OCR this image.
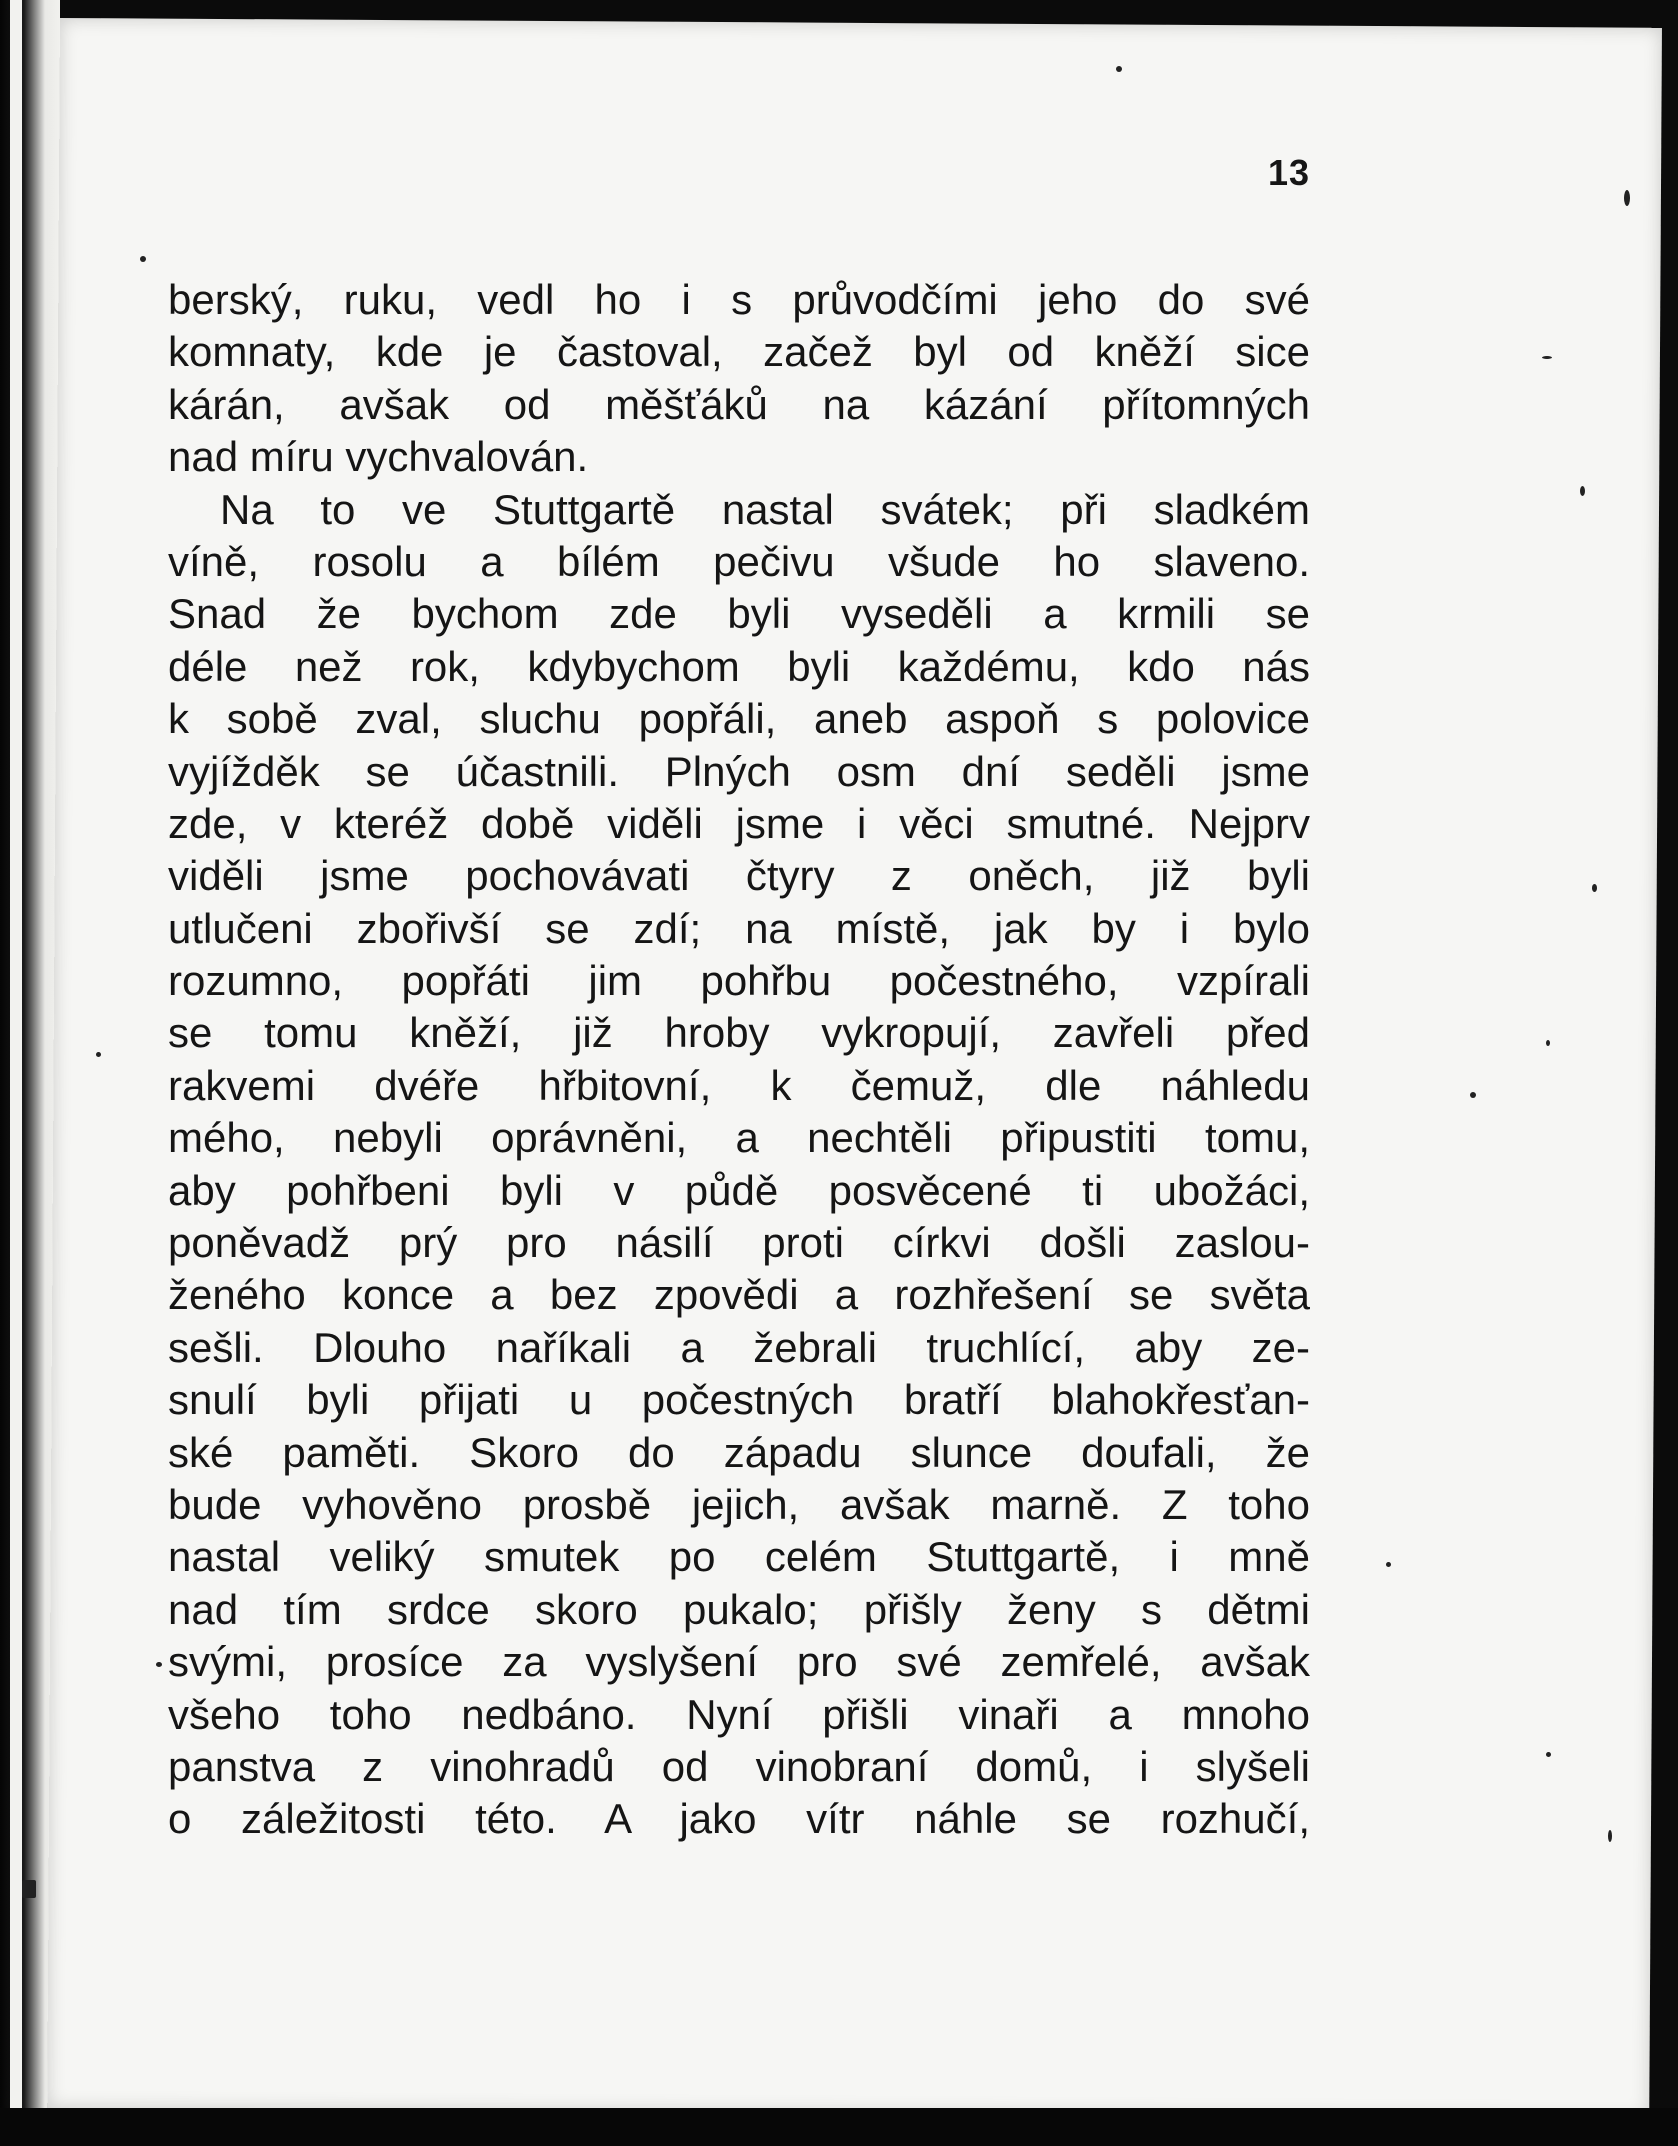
13
berský, ruku, vedl ho i s průvodčími jeho do své
komnaty, kde je častoval, začež byl od kněží sice
kárán, avšak od měšťáků na kázání přítomných
nad míru vychvalován.
Na to ve Stuttgartě nastal svátek; při sladkém
víně, rosolu a bílém pečivu všude ho slaveno.
Snad že bychom zde byli vyseděli a krmili se
déle než rok, kdybychom byli každému, kdo nás
k sobě zval, sluchu popřáli, aneb aspoň s polovice
vyjížděk se účastnili. Plných osm dní seděli jsme
zde, v kteréž době viděli jsme i věci smutné. Nejprv
viděli jsme pochovávati čtyry z oněch, již byli
utlučeni zbořivší se zdí; na místě, jak by i bylo
rozumno, popřáti jim pohřbu počestného, vzpírali
se tomu kněží, již hroby vykropují, zavřeli před
rakvemi dvéře hřbitovní, k čemuž, dle náhledu
mého, nebyli oprávněni, a nechtěli připustiti tomu,
aby pohřbeni byli v půdě posvěcené ti ubožáci,
poněvadž prý pro násilí proti církvi došli zaslou-
ženého konce a bez zpovědi a rozhřešení se světa
sešli. Dlouho naříkali a žebrali truchlící, aby ze-
snulí byli přijati u počestných bratří blahokřesťan-
ské paměti. Skoro do západu slunce doufali, že
bude vyhověno prosbě jejich, avšak marně. Z toho
nastal veliký smutek po celém Stuttgartě, i mně
nad tím srdce skoro pukalo; přišly ženy s dětmi
svými, prosíce za vyslyšení pro své zemřelé, avšak
všeho toho nedbáno. Nyní přišli vinaři a mnoho
panstva z vinohradů od vinobraní domů, i slyšeli
o záležitosti této. A jako vítr náhle se rozhučí,
